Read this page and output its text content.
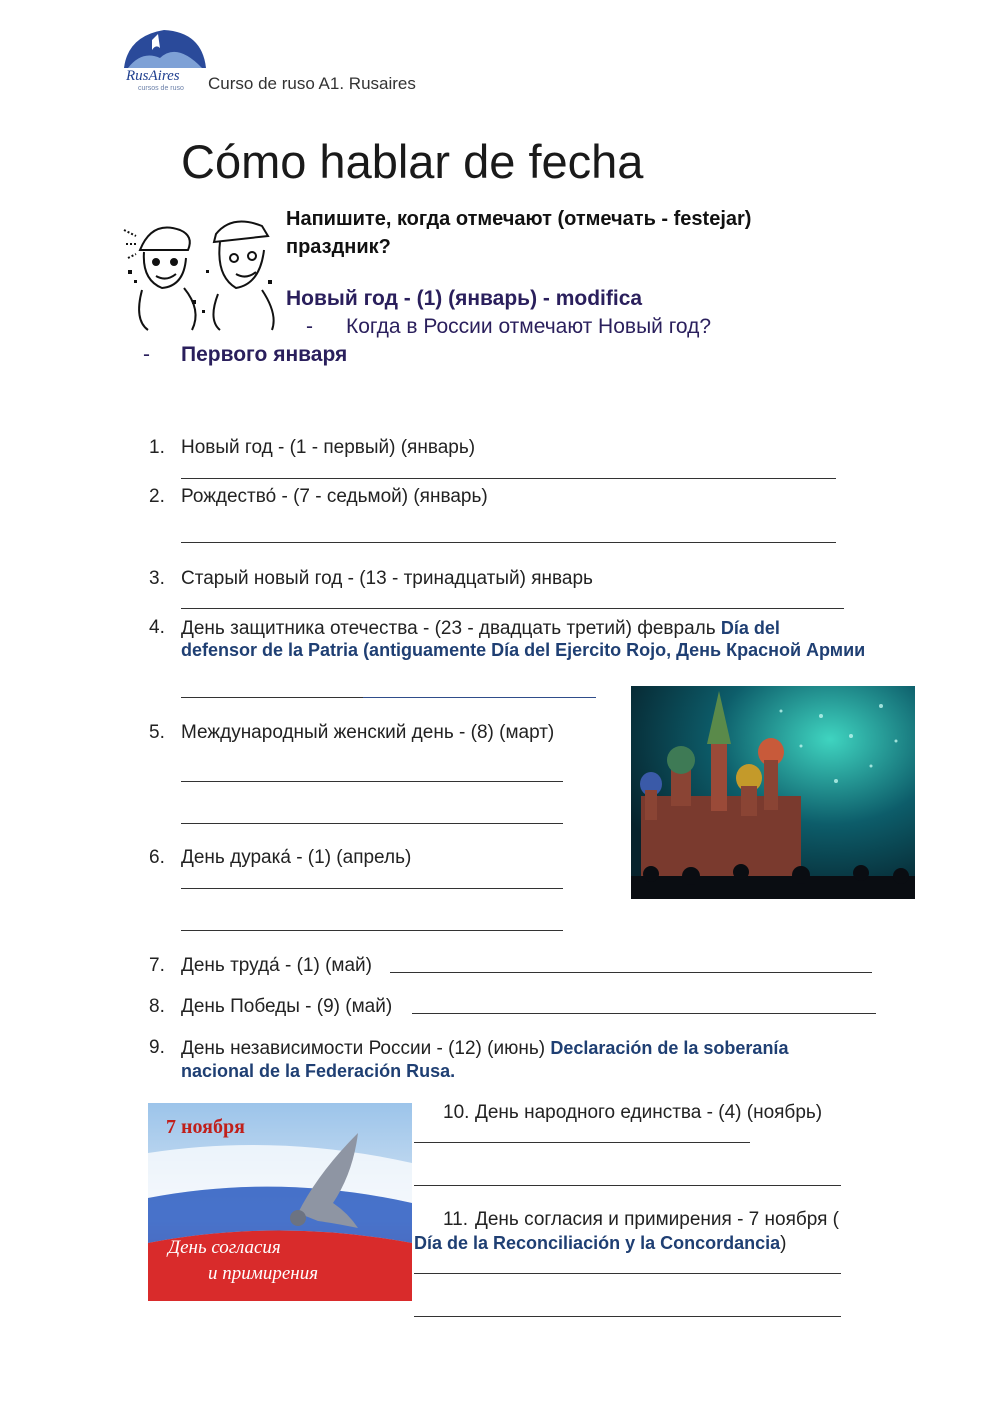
RusAires
cursos de ruso Curso de ruso A1. Rusaires
Cómo hablar de fecha
Напишите, когда отмечают (отмечать - festejar) праздник?
Новый год - (1) (январь) - modifica
- Когда в России отмечают Новый год?
- Первого января
1. Новый год - (1 - первый) (январь)
2. Рождество́ - (7 - седьмой) (январь)
3. Старый новый год - (13 - тринадцатый) январь
4. День защитника отечества - (23 - двадцать третий) февраль Día del
defensor de la Patria (antiguamente Día del Ejercito Rojo, День Красной Армии
5. Международный женский день - (8) (март)
6. День дурака́ - (1) (апрель)
7. День труда́ - (1) (май)
8. День Победы - (9) (май)
9. День независимости России - (12) (июнь) Declaración de la soberanía
nacional de la Federación Rusa.
10. День народного единства - (4) (ноябрь)
11. День согласия и примирения - 7 ноября (
Día de la Reconciliación y la Concordancia)
7 ноября
День согласия
и примирения
